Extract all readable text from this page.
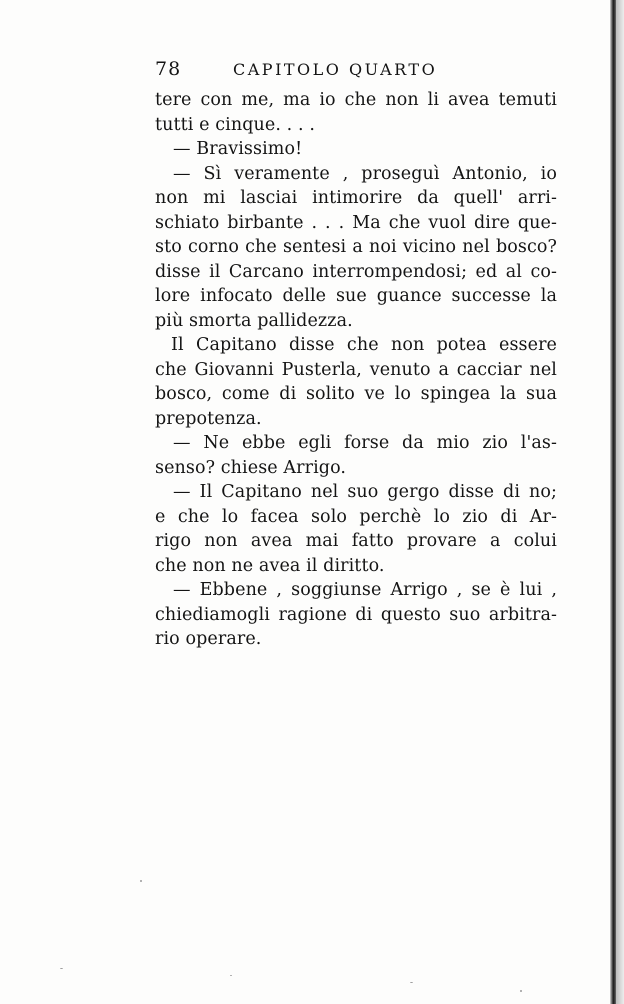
78	CAPITOLO QUARTO
tere con me, ma io che non li avea temuti
tutti e cinque. . . .
— Bravissimo!
— Sì veramente , proseguì Antonio, io
non mi lasciai intimorire da quell' arri-
schiato birbante . . . Ma che vuol dire que-
sto corno che sentesi a noi vicino nel bosco?
disse il Carcano interrompendosi; ed al co-
lore infocato delle sue guance successe la
più smorta pallidezza.
Il Capitano disse che non potea essere
che Giovanni Pusterla, venuto a cacciar nel
bosco, come di solito ve lo spingea la sua
prepotenza.
— Ne ebbe egli forse da mio zio l'as-
senso? chiese Arrigo.
— Il Capitano nel suo gergo disse di no;
e che lo facea solo perchè lo zio di Ar-
rigo non avea mai fatto provare a colui
che non ne avea il diritto.
— Ebbene , soggiunse Arrigo , se è lui ,
chiediamogli ragione di questo suo arbitra-
rio operare.
